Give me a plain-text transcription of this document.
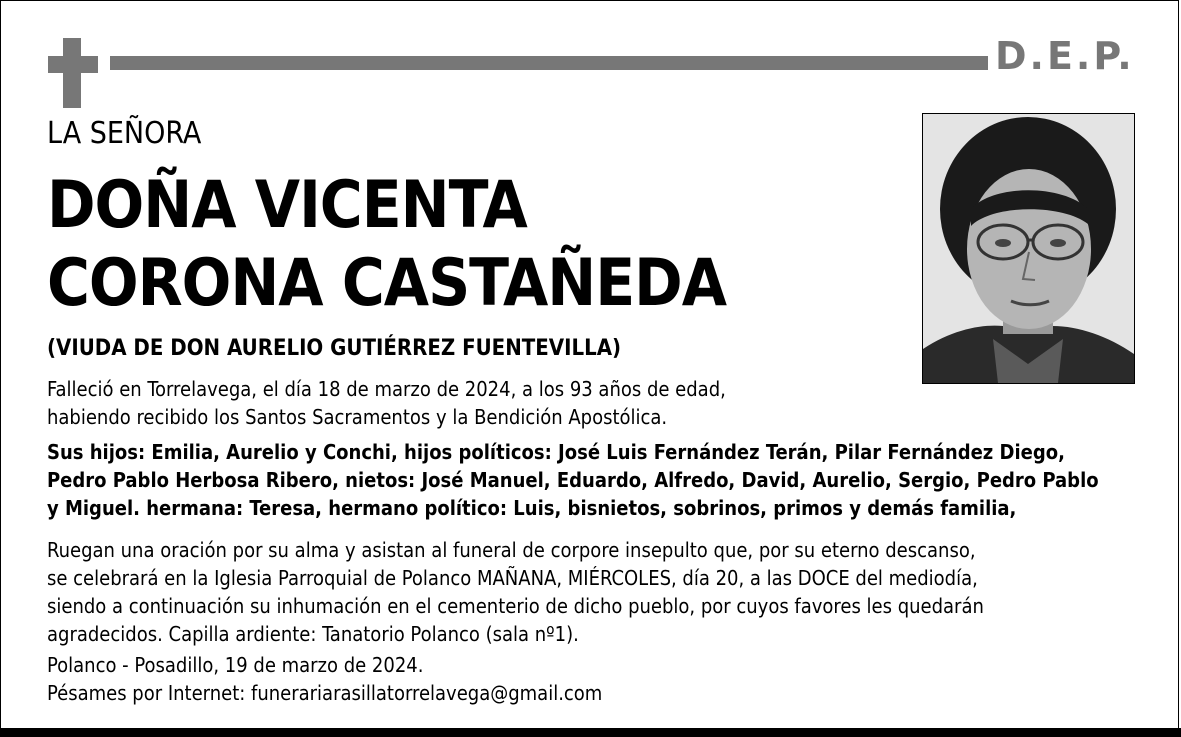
D.E.P.
LA SEÑORA
DOÑA VICENTA
CORONA CASTAÑEDA
(VIUDA DE DON AURELIO GUTIÉRREZ FUENTEVILLA)
Falleció en Torrelavega, el día 18 de marzo de 2024, a los 93 años de edad,
habiendo recibido los Santos Sacramentos y la Bendición Apostólica.
Sus hijos: Emilia, Aurelio y Conchi, hijos políticos: José Luis Fernández Terán, Pilar Fernández Diego,
Pedro Pablo Herbosa Ribero, nietos: José Manuel, Eduardo, Alfredo, David, Aurelio, Sergio, Pedro Pablo
y Miguel. hermana: Teresa, hermano político: Luis, bisnietos, sobrinos, primos y demás familia,
Ruegan una oración por su alma y asistan al funeral de corpore insepulto que, por su eterno descanso,
se celebrará en la Iglesia Parroquial de Polanco MAÑANA, MIÉRCOLES, día 20, a las DOCE del mediodía,
siendo a continuación su inhumación en el cementerio de dicho pueblo, por cuyos favores les quedarán
agradecidos. Capilla ardiente: Tanatorio Polanco (sala nº1).
Polanco - Posadillo, 19 de marzo de 2024.
Pésames por Internet: funerariarasillatorrelavega@gmail.com
